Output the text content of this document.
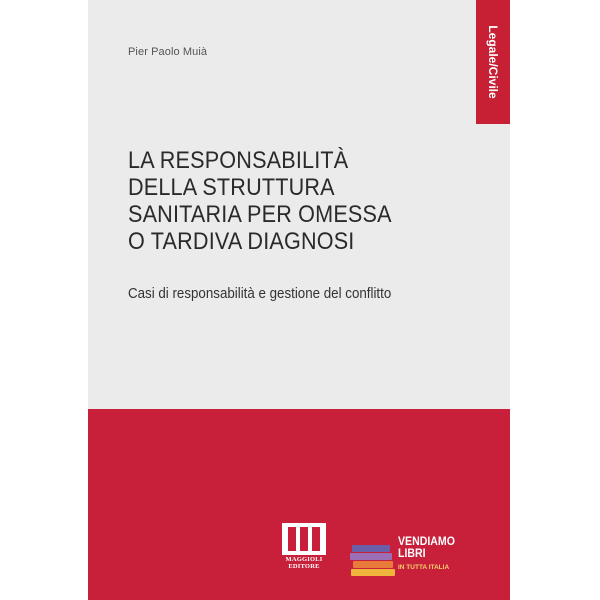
Pier Paolo Muià	Legale/Civile
LA RESPONSABILITÀ
DELLA STRUTTURA
SANITARIA PER OMESSA
O TARDIVA DIAGNOSI
Casi di responsabilità e gestione del conflitto
MAGGIOLI
EDITORE
VENDIAMO
LIBRI
IN TUTTA ITALIA
